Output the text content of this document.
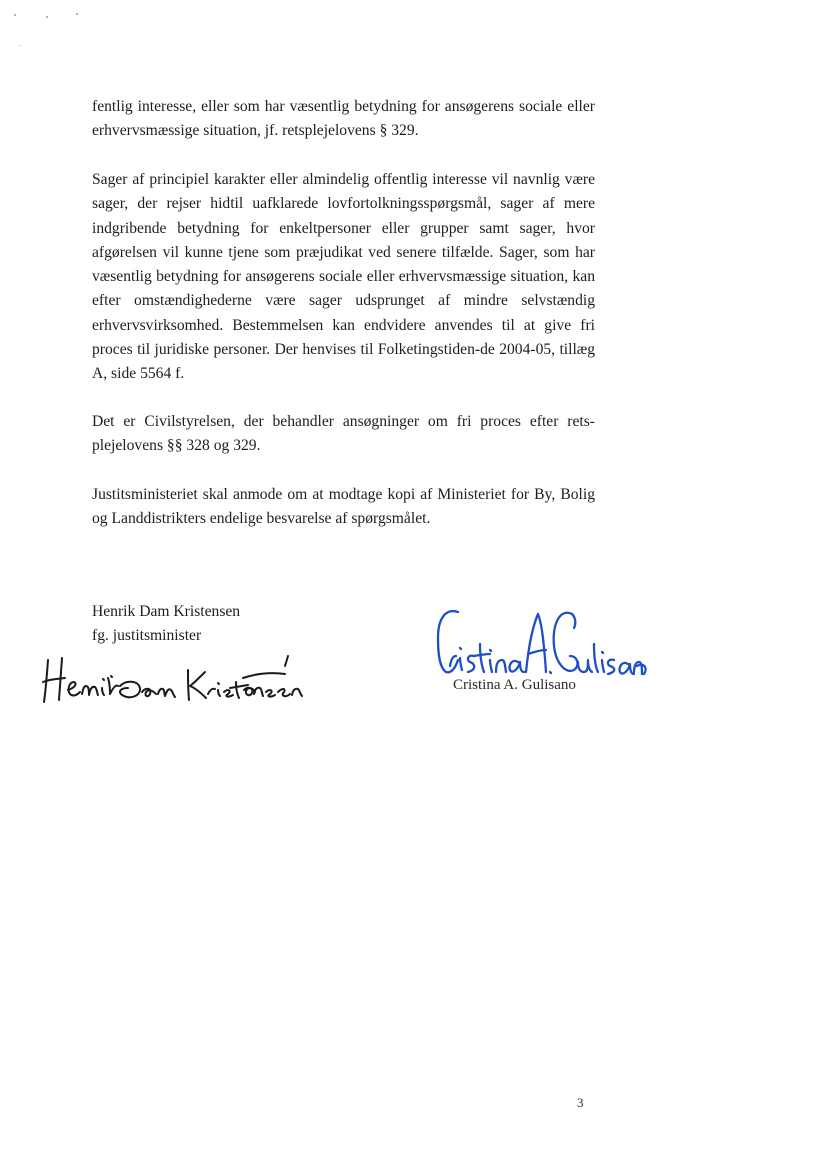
fentlig interesse, eller som har væsentlig betydning for ansøgerens sociale eller erhvervsmæssige situation, jf. retsplejelovens § 329.

Sager af principiel karakter eller almindelig offentlig interesse vil navnlig være sager, der rejser hidtil uafklarede lovfortolkningsspørgsmål, sager af mere indgribende betydning for enkeltpersoner eller grupper samt sager, hvor afgørelsen vil kunne tjene som præjudikat ved senere tilfælde. Sager, som har væsentlig betydning for ansøgerens sociale eller erhvervsmæssige situation, kan efter omstændighederne være sager udsprunget af mindre selvstændig erhvervsvirksomhed. Bestemmelsen kan endvidere anvendes til at give fri proces til juridiske personer. Der henvises til Folketingstiden-de 2004-05, tillæg A, side 5564 f.

Det er Civilstyrelsen, der behandler ansøgninger om fri proces efter rets-plejelovens §§ 328 og 329.

Justitsministeriet skal anmode om at modtage kopi af Ministeriet for By, Bolig og Landdistrikters endelige besvarelse af spørgsmålet.

Henrik Dam Kristensen

fg. justitsminister

Cristina A. Gulisano

3
